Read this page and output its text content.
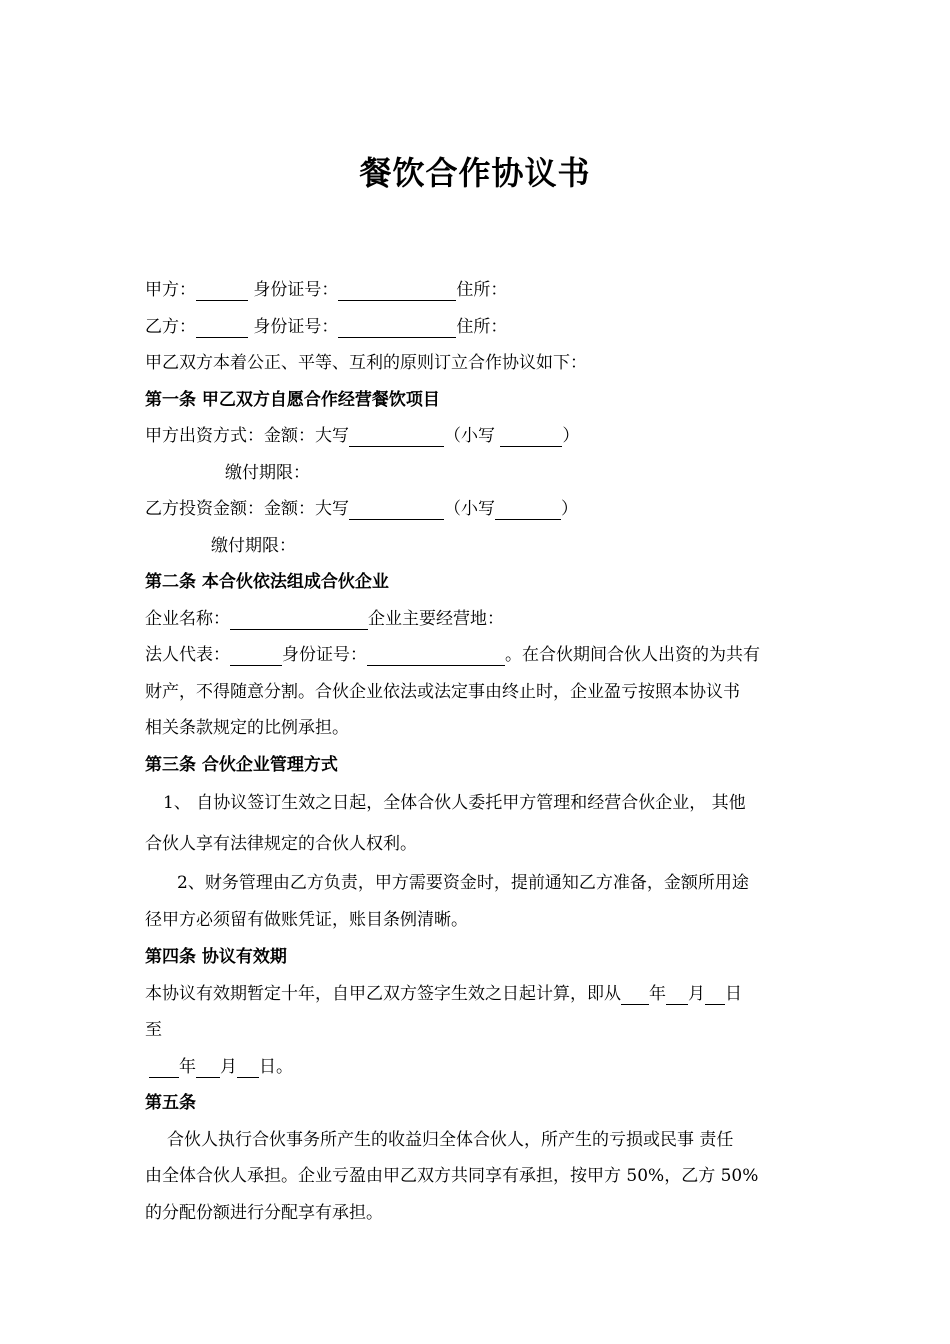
餐饮合作协议书
甲方：	身份证号：	住所：
乙方：	身份证号：	住所：
甲乙双方本着公正、平等、互利的原则订立合作协议如下：
第一条 甲乙双方自愿合作经营餐饮项目
甲方出资方式：金额：大写	（小写	）
缴付期限：
乙方投资金额：金额：大写	（小写	）
缴付期限：
第二条 本合伙依法组成合伙企业
企业名称：	企业主要经营地：
法人代表：	身份证号：	。在合伙期间合伙人出资的为共有
财产，不得随意分割。合伙企业依法或法定事由终止时，企业盈亏按照本协议书
相关条款规定的比例承担。
第三条 合伙企业管理方式
1、 自协议签订生效之日起，全体合伙人委托甲方管理和经营合伙企业， 其他
合伙人享有法律规定的合伙人权利。
2、财务管理由乙方负责，甲方需要资金时，提前通知乙方准备，金额所用途
径甲方必须留有做账凭证，账目条例清晰。
第四条 协议有效期
本协议有效期暂定十年，自甲乙双方签字生效之日起计算，即从 年 月 日
至
年 月 日。
第五条
合伙人执行合伙事务所产生的收益归全体合伙人，所产生的亏损或民事 责任
由全体合伙人承担。企业亏盈由甲乙双方共同享有承担，按甲方 50%，乙方 50%
的分配份额进行分配享有承担。
